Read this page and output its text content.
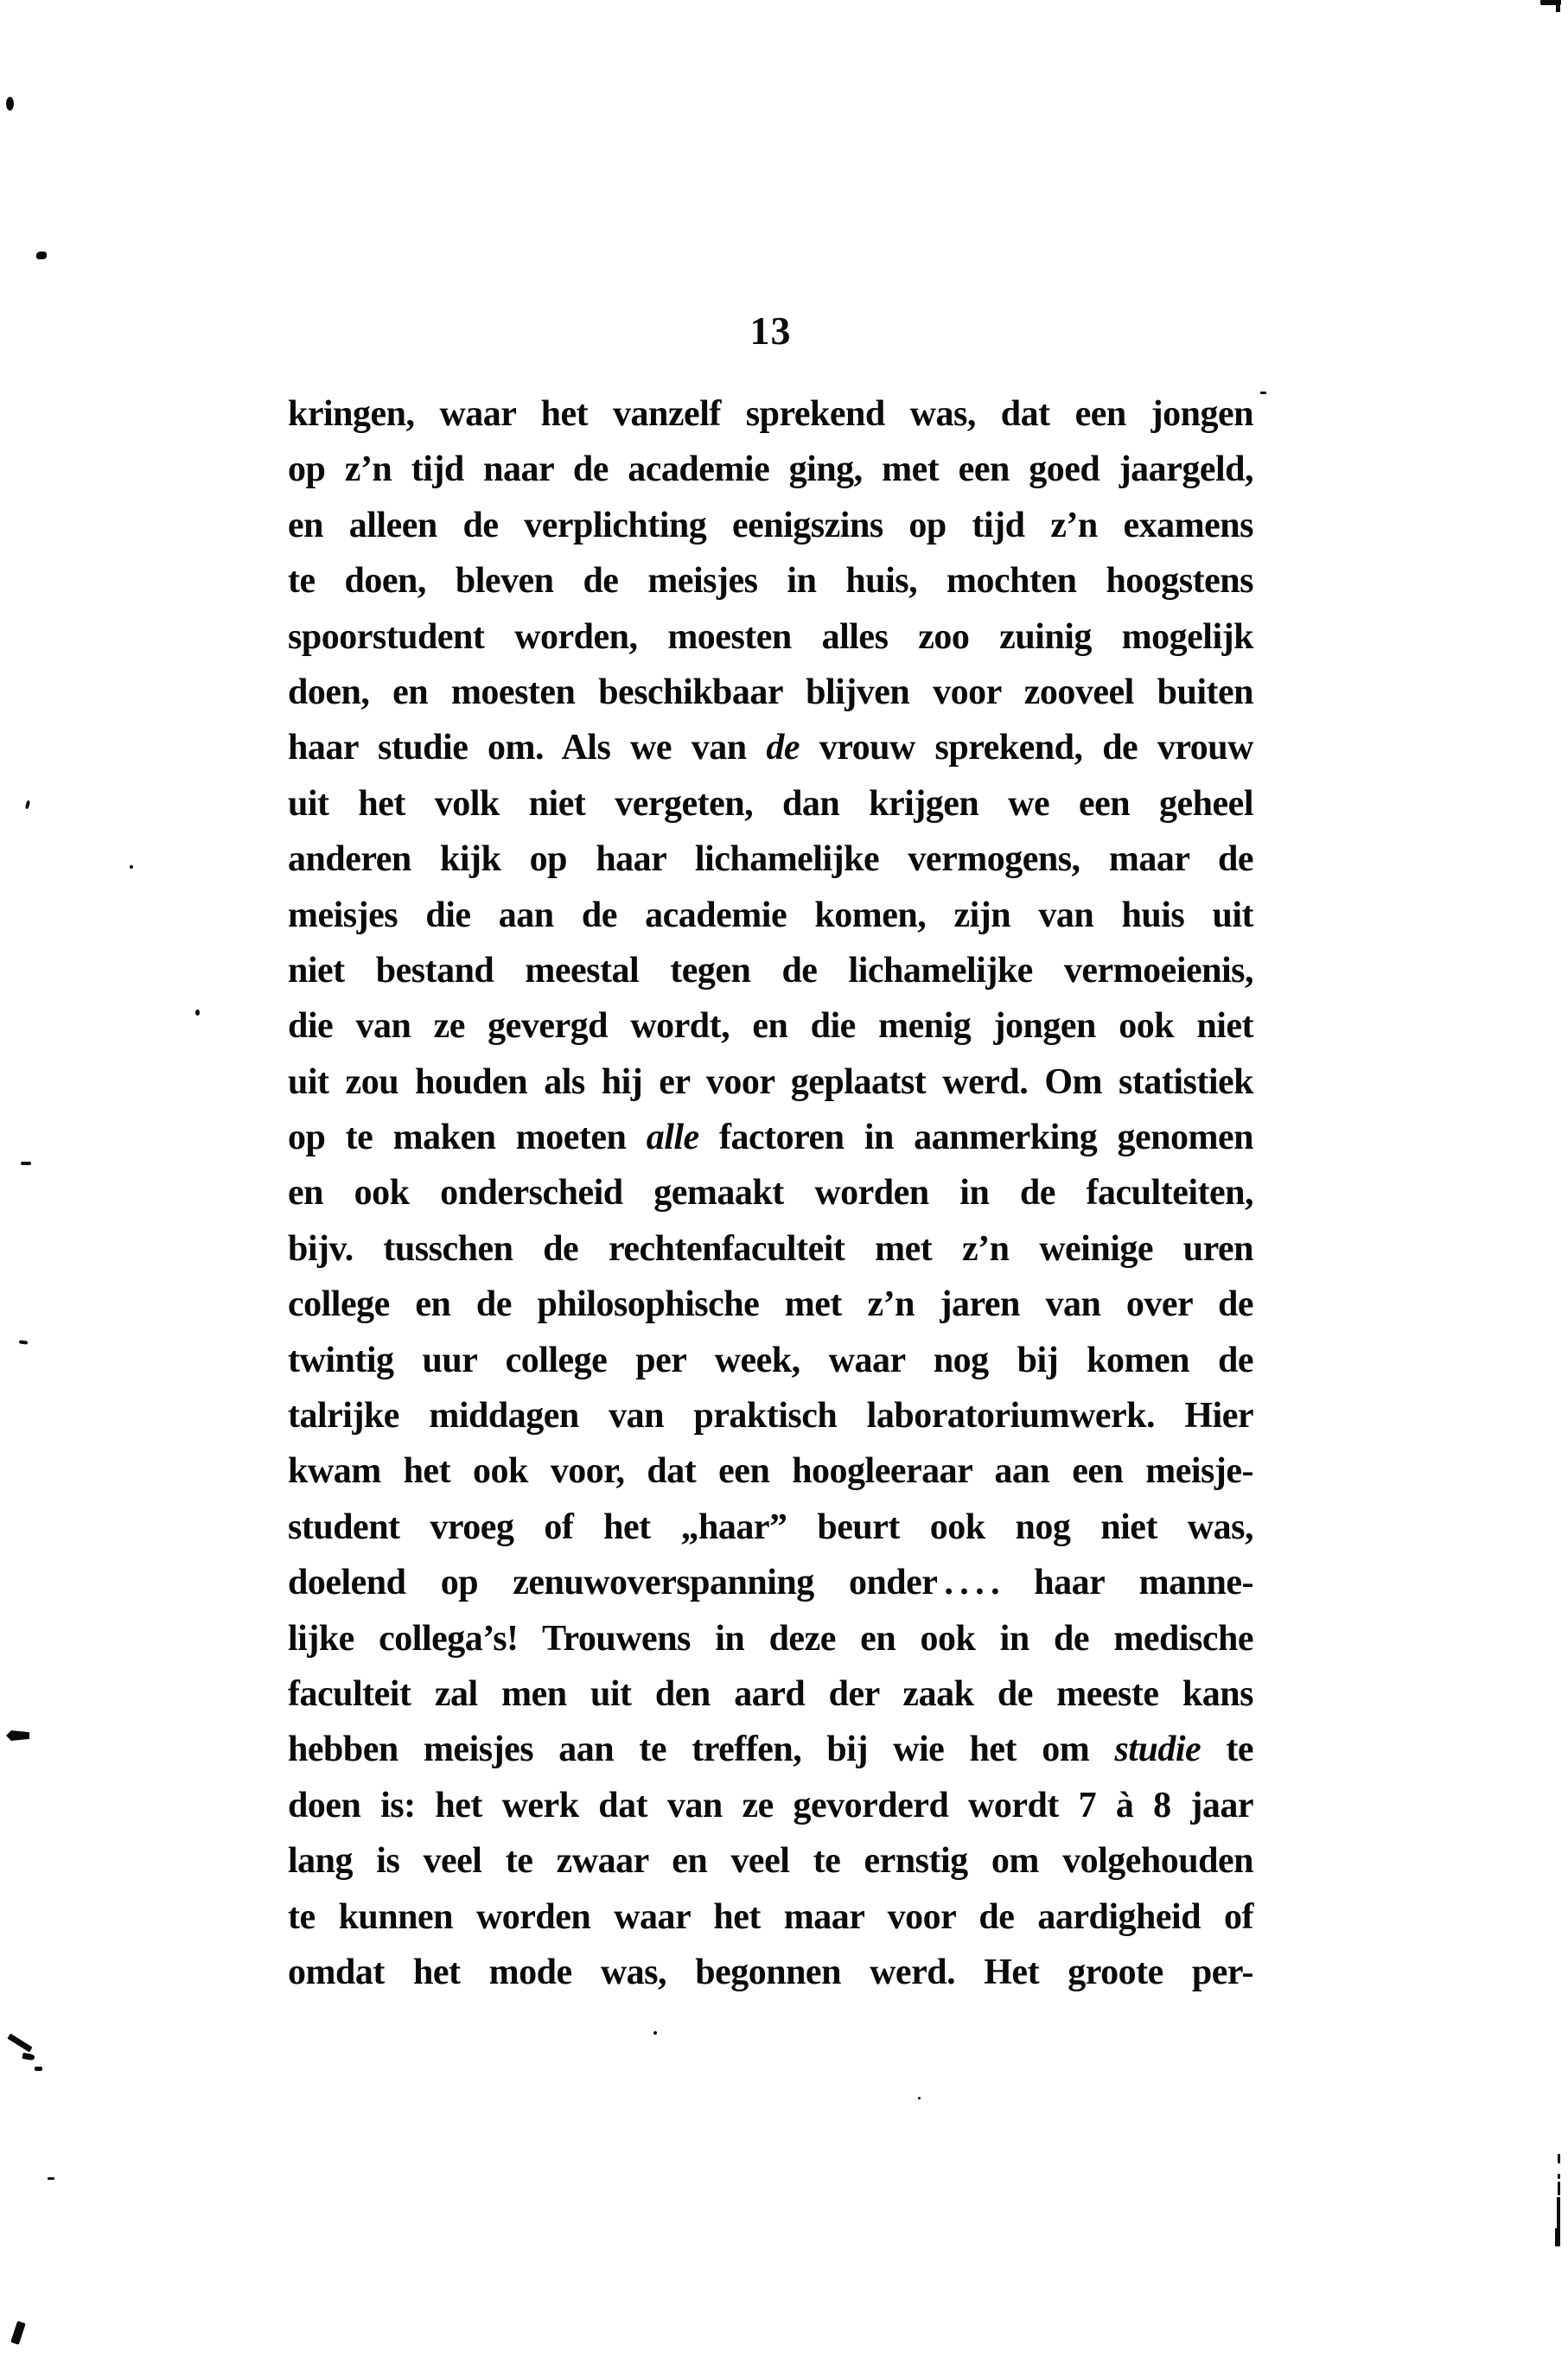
13
kringen, waar het vanzelf sprekend was, dat een jongen
op z’n tijd naar de academie ging, met een goed jaargeld,
en alleen de verplichting eenigszins op tijd z’n examens
te doen, bleven de meisjes in huis, mochten hoogstens
spoorstudent worden, moesten alles zoo zuinig mogelijk
doen, en moesten beschikbaar blijven voor zooveel buiten
haar studie om. Als we van de vrouw sprekend, de vrouw
uit het volk niet vergeten, dan krijgen we een geheel
anderen kijk op haar lichamelijke vermogens, maar de
meisjes die aan de academie komen, zijn van huis uit
niet bestand meestal tegen de lichamelijke vermoeienis,
die van ze gevergd wordt, en die menig jongen ook niet
uit zou houden als hij er voor geplaatst werd. Om statistiek
op te maken moeten alle factoren in aanmerking genomen
en ook onderscheid gemaakt worden in de faculteiten,
bijv. tusschen de rechtenfaculteit met z’n weinige uren
college en de philosophische met z’n jaren van over de
twintig uur college per week, waar nog bij komen de
talrijke middagen van praktisch laboratoriumwerk. Hier
kwam het ook voor, dat een hoogleeraar aan een meisje-
student vroeg of het „haar” beurt ook nog niet was,
doelend op zenuwoverspanning onder . . . . haar manne-
lijke collega’s! Trouwens in deze en ook in de medische
faculteit zal men uit den aard der zaak de meeste kans
hebben meisjes aan te treffen, bij wie het om studie te
doen is: het werk dat van ze gevorderd wordt 7 à 8 jaar
lang is veel te zwaar en veel te ernstig om volgehouden
te kunnen worden waar het maar voor de aardigheid of
omdat het mode was, begonnen werd. Het groote per-
